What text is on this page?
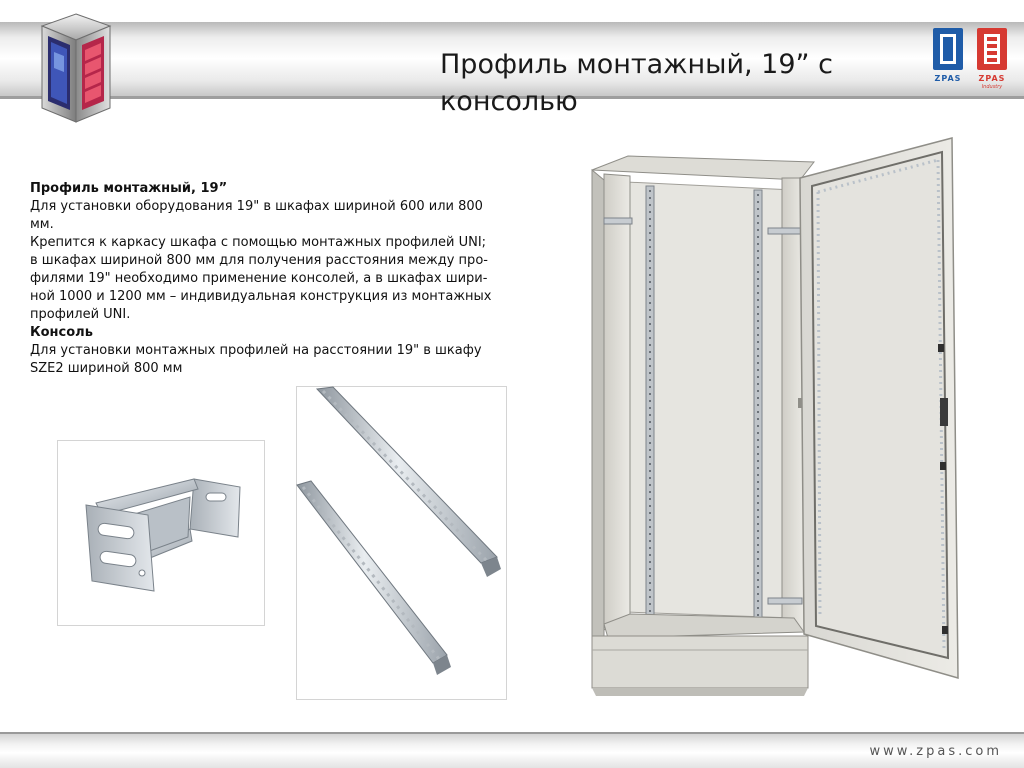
Профиль монтажный, 19” с консолью
ZPAS	ZPAS
Industry
Профиль монтажный, 19”
Для установки оборудования 19" в шкафах шириной 600 или 800
мм.
Крепится к каркасу шкафа с помощью монтажных профилей UNI;
в шкафах шириной 800 мм для получения расстояния между про-
филями 19" необходимо применение консолей, а в шкафах шири-
ной 1000 и 1200 мм – индивидуальная конструкция из монтажных
профилей UNI.
Консоль
Для установки монтажных профилей на расстоянии 19" в шкафу
SZE2 шириной 800 мм
www.zpas.com
